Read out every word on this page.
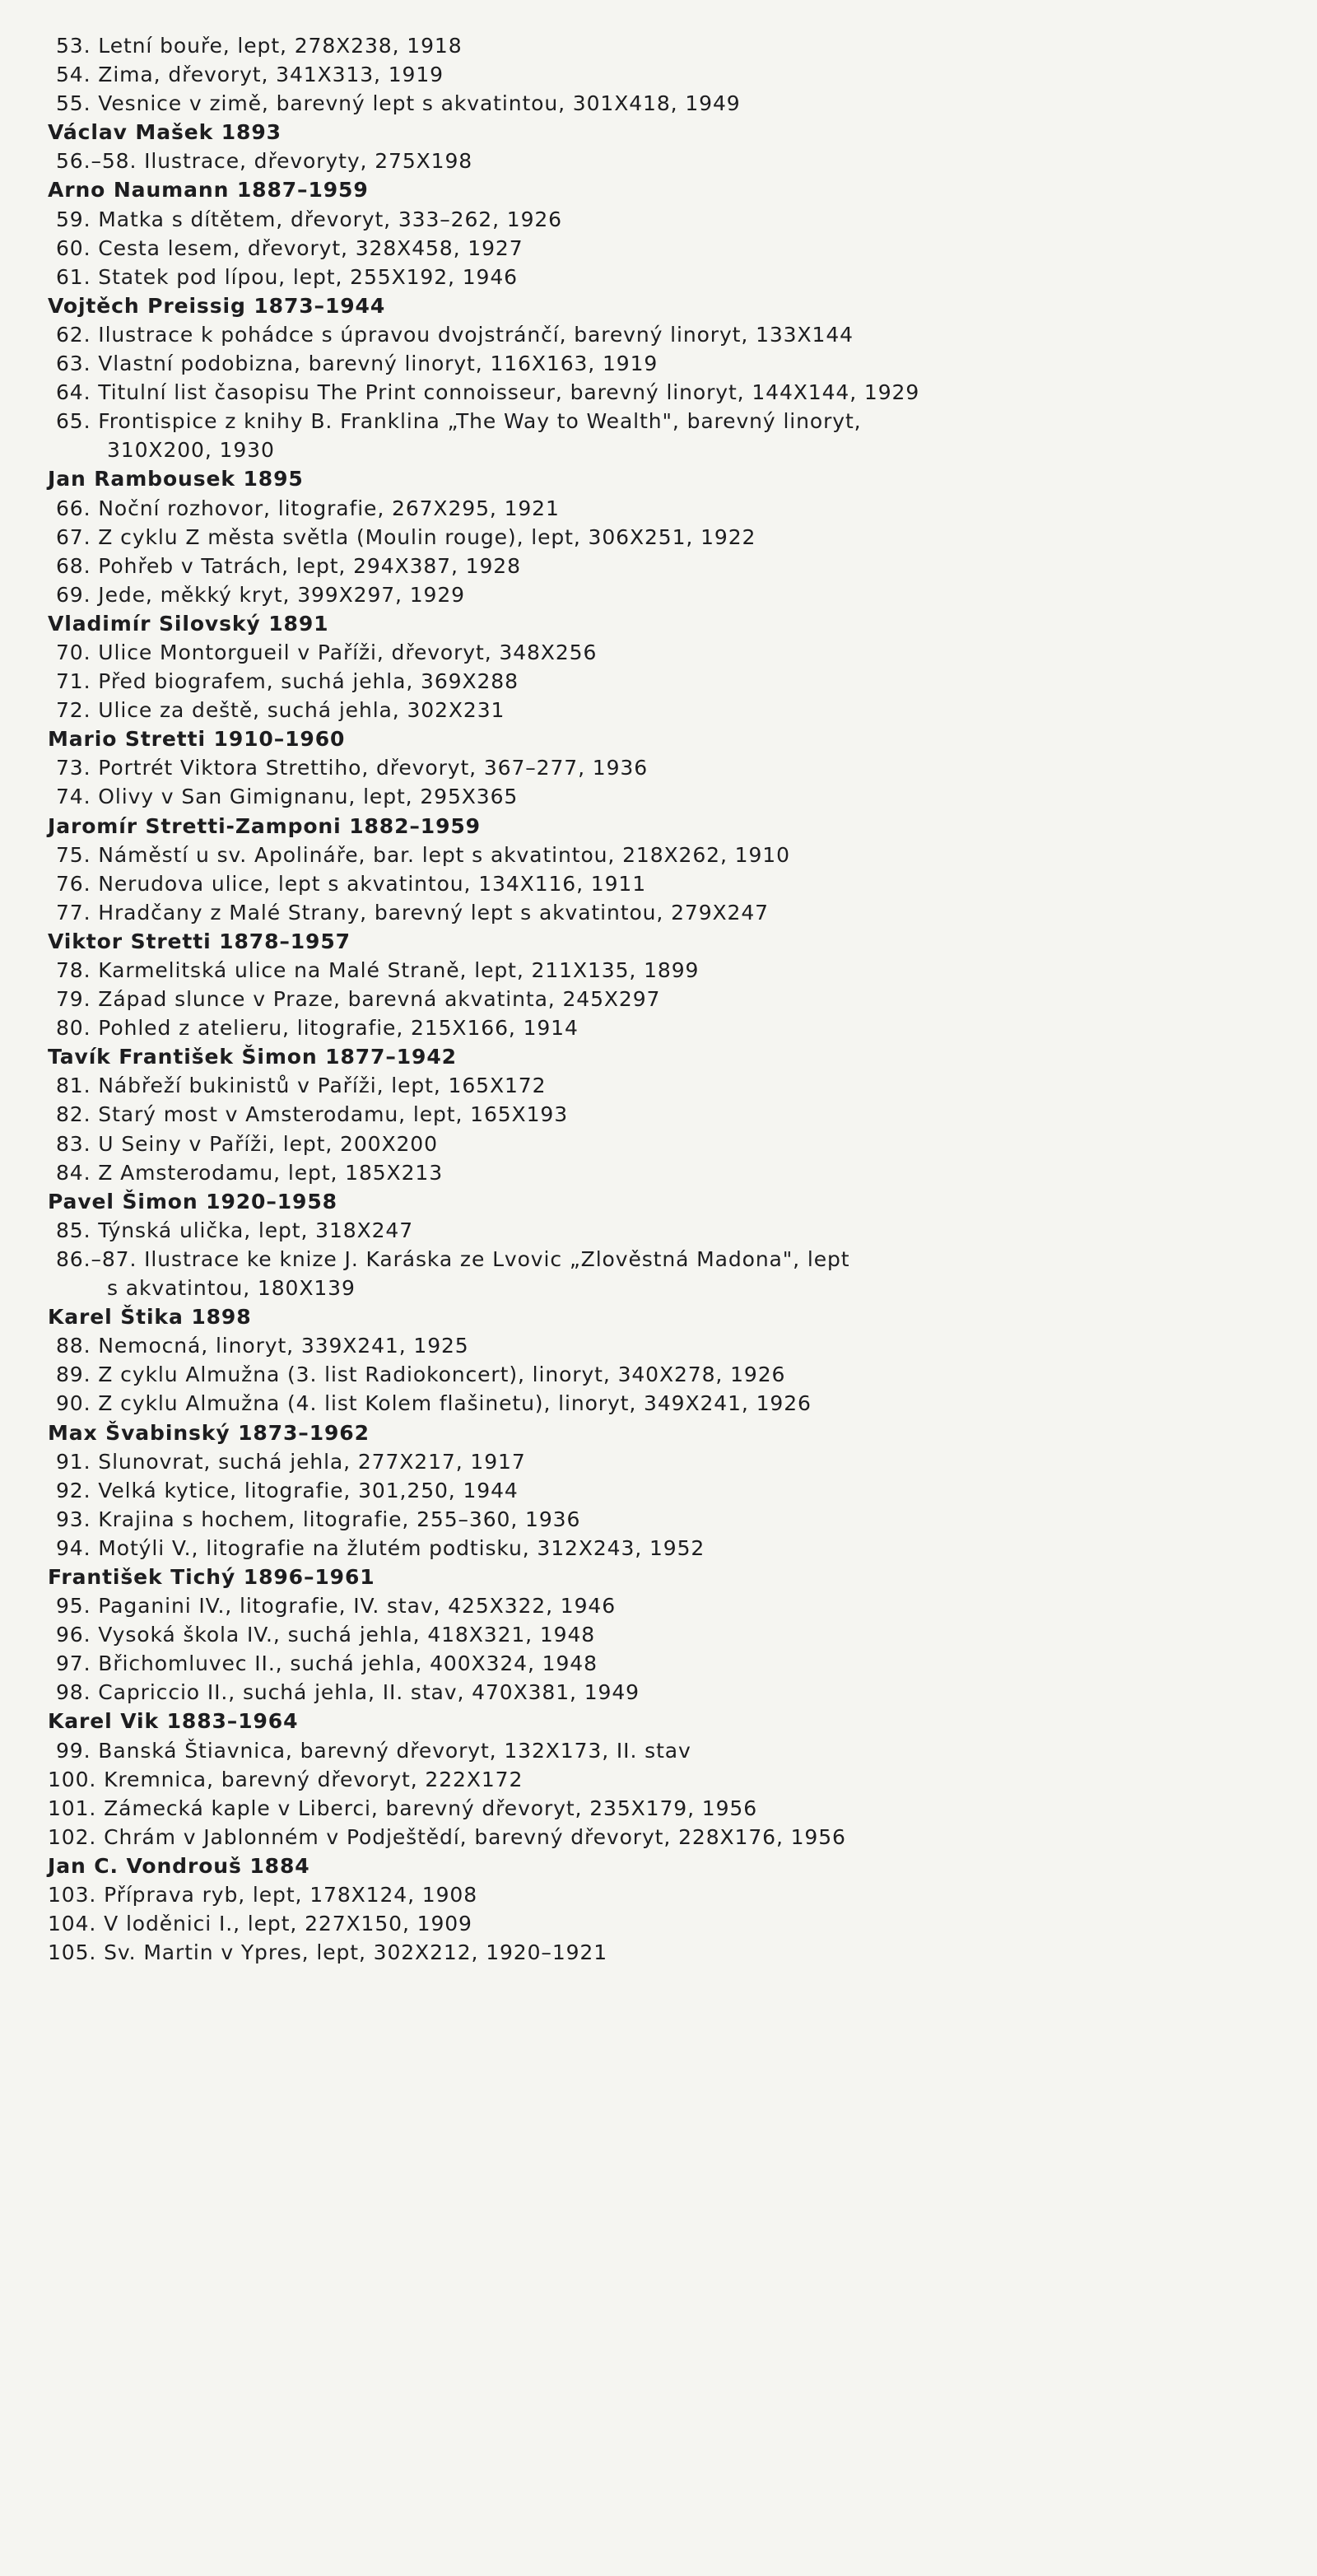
53. Letní bouře, lept, 278X238, 1918
54. Zima, dřevoryt, 341X313, 1919
55. Vesnice v zimě, barevný lept s akvatintou, 301X418, 1949
Václav Mašek 1893
56.–58. Ilustrace, dřevoryty, 275X198
Arno Naumann 1887–1959
59. Matka s dítětem, dřevoryt, 333–262, 1926
60. Cesta lesem, dřevoryt, 328X458, 1927
61. Statek pod lípou, lept, 255X192, 1946
Vojtěch Preissig 1873–1944
62. Ilustrace k pohádce s úpravou dvojstránčí, barevný linoryt, 133X144
63. Vlastní podobizna, barevný linoryt, 116X163, 1919
64. Titulní list časopisu The Print connoisseur, barevný linoryt, 144X144, 1929
65. Frontispice z knihy B. Franklina „The Way to Wealth", barevný linoryt,
310X200, 1930
Jan Rambousek 1895
66. Noční rozhovor, litografie, 267X295, 1921
67. Z cyklu Z města světla (Moulin rouge), lept, 306X251, 1922
68. Pohřeb v Tatrách, lept, 294X387, 1928
69. Jede, měkký kryt, 399X297, 1929
Vladimír Silovský 1891
70. Ulice Montorgueil v Paříži, dřevoryt, 348X256
71. Před biografem, suchá jehla, 369X288
72. Ulice za deště, suchá jehla, 302X231
Mario Stretti 1910–1960
73. Portrét Viktora Strettiho, dřevoryt, 367–277, 1936
74. Olivy v San Gimignanu, lept, 295X365
Jaromír Stretti-Zamponi 1882–1959
75. Náměstí u sv. Apolináře, bar. lept s akvatintou, 218X262, 1910
76. Nerudova ulice, lept s akvatintou, 134X116, 1911
77. Hradčany z Malé Strany, barevný lept s akvatintou, 279X247
Viktor Stretti 1878–1957
78. Karmelitská ulice na Malé Straně, lept, 211X135, 1899
79. Západ slunce v Praze, barevná akvatinta, 245X297
80. Pohled z atelieru, litografie, 215X166, 1914
Tavík František Šimon 1877–1942
81. Nábřeží bukinistů v Paříži, lept, 165X172
82. Starý most v Amsterodamu, lept, 165X193
83. U Seiny v Paříži, lept, 200X200
84. Z Amsterodamu, lept, 185X213
Pavel Šimon 1920–1958
85. Týnská ulička, lept, 318X247
86.–87. Ilustrace ke knize J. Karáska ze Lvovic „Zlověstná Madona", lept
s akvatintou, 180X139
Karel Štika 1898
88. Nemocná, linoryt, 339X241, 1925
89. Z cyklu Almužna (3. list Radiokoncert), linoryt, 340X278, 1926
90. Z cyklu Almužna (4. list Kolem flašinetu), linoryt, 349X241, 1926
Max Švabinský 1873–1962
91. Slunovrat, suchá jehla, 277X217, 1917
92. Velká kytice, litografie, 301,250, 1944
93. Krajina s hochem, litografie, 255–360, 1936
94. Motýli V., litografie na žlutém podtisku, 312X243, 1952
František Tichý 1896–1961
95. Paganini IV., litografie, IV. stav, 425X322, 1946
96. Vysoká škola IV., suchá jehla, 418X321, 1948
97. Břichomluvec II., suchá jehla, 400X324, 1948
98. Capriccio II., suchá jehla, II. stav, 470X381, 1949
Karel Vik 1883–1964
99. Banská Štiavnica, barevný dřevoryt, 132X173, II. stav
100. Kremnica, barevný dřevoryt, 222X172
101. Zámecká kaple v Liberci, barevný dřevoryt, 235X179, 1956
102. Chrám v Jablonném v Podještědí, barevný dřevoryt, 228X176, 1956
Jan C. Vondrouš 1884
103. Příprava ryb, lept, 178X124, 1908
104. V loděnici I., lept, 227X150, 1909
105. Sv. Martin v Ypres, lept, 302X212, 1920–1921
